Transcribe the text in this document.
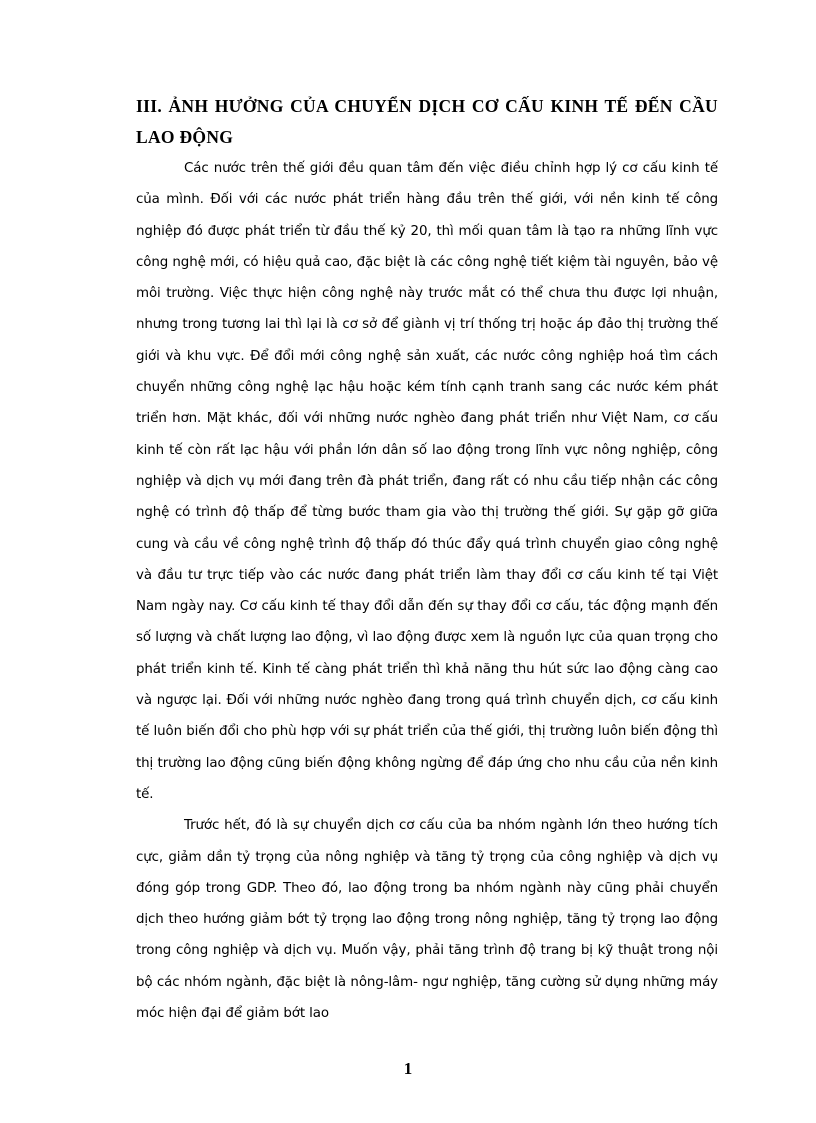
III. ẢNH HƯỞNG CỦA CHUYỂN DỊCH CƠ CẤU KINH TẾ ĐẾN CẦU LAO ĐỘNG

Các nước trên thế giới đều quan tâm đến việc điều chỉnh hợp lý cơ cấu kinh tế của mình. Đối với các nước phát triển hàng đầu trên thế giới, với nền kinh tế công nghiệp đó được phát triển từ đầu thế kỷ 20, thì mối quan tâm là tạo ra những lĩnh vực công nghệ mới, có hiệu quả cao, đặc biệt là các công nghệ tiết kiệm tài nguyên, bảo vệ môi trường. Việc thực hiện công nghệ này trước mắt có thể chưa thu được lợi nhuận, nhưng trong tương lai thì lại là cơ sở để giành vị trí thống trị hoặc áp đảo thị trường thế giới và khu vực. Để đổi mới công nghệ sản xuất, các nước công nghiệp hoá tìm cách chuyển những công nghệ lạc hậu hoặc kém tính cạnh tranh sang các nước kém phát triển hơn. Mặt khác, đối với những nước nghèo đang phát triển như Việt Nam, cơ cấu kinh tế còn rất lạc hậu với phần lớn dân số lao động trong lĩnh vực nông nghiệp, công nghiệp và dịch vụ mới đang trên đà phát triển, đang rất có nhu cầu tiếp nhận các công nghệ có trình độ thấp để từng bước tham gia vào thị trường thế giới. Sự gặp gỡ giữa cung và cầu về công nghệ trình độ thấp đó thúc đẩy quá trình chuyển giao công nghệ và đầu tư trực tiếp vào các nước đang phát triển làm thay đổi cơ cấu kinh tế tại Việt Nam ngày nay. Cơ cấu kinh tế thay đổi dẫn đến sự thay đổi cơ cấu, tác động mạnh đến số lượng và chất lượng lao động, vì lao động được xem là nguồn lực của quan trọng cho phát triển kinh tế. Kinh tế càng phát triển thì khả năng thu hút sức lao động càng cao và ngược lại. Đối với những nước nghèo đang trong quá trình chuyển dịch, cơ cấu kinh tế luôn biến đổi cho phù hợp với sự phát triển của thế giới, thị trường luôn biến động thì thị trường lao động cũng biến động không ngừng để đáp ứng cho nhu cầu của nền kinh tế.

Trước hết, đó là sự chuyển dịch cơ cấu của ba nhóm ngành lớn theo hướng tích cực, giảm dần tỷ trọng của nông nghiệp và tăng tỷ trọng của công nghiệp và dịch vụ đóng góp trong GDP. Theo đó, lao động trong ba nhóm ngành này cũng phải chuyển dịch theo hướng giảm bớt tỷ trọng lao động trong nông nghiệp, tăng tỷ trọng lao động trong công nghiệp và dịch vụ. Muốn vậy, phải tăng trình độ trang bị kỹ thuật trong nội bộ các nhóm ngành, đặc biệt là nông-lâm- ngư nghiệp, tăng cường sử dụng những máy móc hiện đại để giảm bớt lao

1
